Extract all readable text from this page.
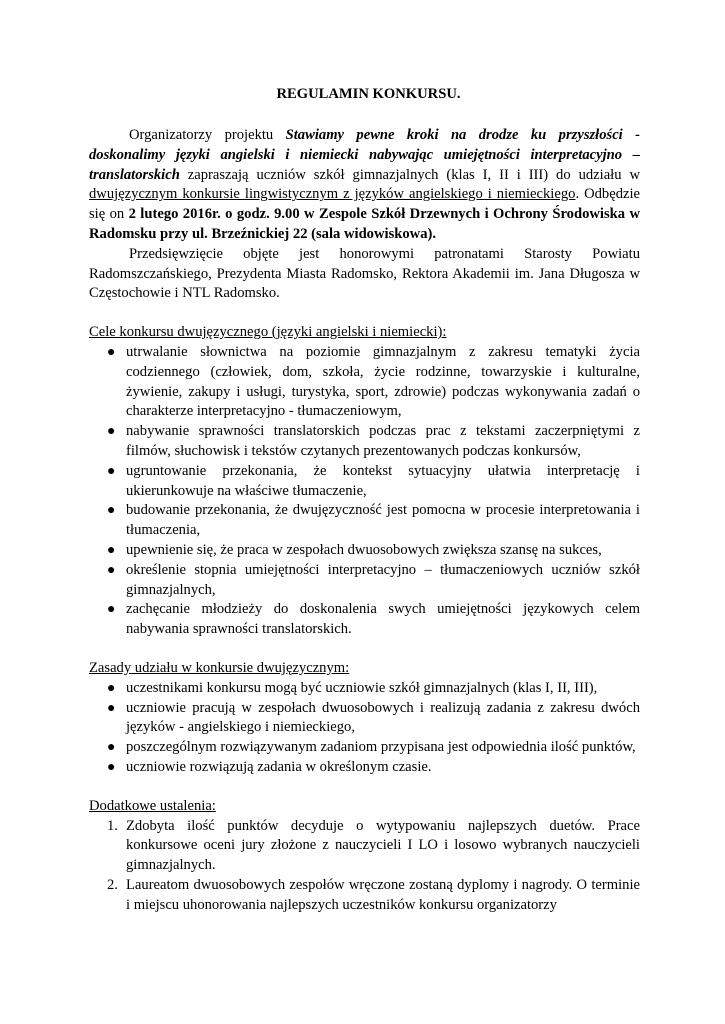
REGULAMIN KONKURSU.

Organizatorzy projektu Stawiamy pewne kroki na drodze ku przyszłości - doskonalimy języki angielski i niemiecki nabywając umiejętności interpretacyjno – translatorskich zapraszają uczniów szkół gimnazjalnych (klas I, II i III) do udziału w dwujęzycznym konkursie lingwistycznym z języków angielskiego i niemieckiego. Odbędzie się on 2 lutego 2016r. o godz. 9.00 w Zespole Szkół Drzewnych i Ochrony Środowiska w Radomsku przy ul. Brzeźnickiej 22 (sala widowiskowa).

Przedsięwzięcie objęte jest honorowymi patronatami Starosty Powiatu Radomszczańskiego, Prezydenta Miasta Radomsko, Rektora Akademii im. Jana Długosza w Częstochowie i NTL Radomsko.

Cele konkursu dwujęzycznego (języki angielski i niemiecki):

● utrwalanie słownictwa na poziomie gimnazjalnym z zakresu tematyki życia codziennego (człowiek, dom, szkoła, życie rodzinne, towarzyskie i kulturalne, żywienie, zakupy i usługi, turystyka, sport, zdrowie) podczas wykonywania zadań o charakterze interpretacyjno - tłumaczeniowym,
● nabywanie sprawności translatorskich podczas prac z tekstami zaczerpniętymi z filmów, słuchowisk i tekstów czytanych prezentowanych podczas konkursów,
● ugruntowanie przekonania, że kontekst sytuacyjny ułatwia interpretację i ukierunkowuje na właściwe tłumaczenie,
● budowanie przekonania, że dwujęzyczność jest pomocna w procesie interpretowania i tłumaczenia,
● upewnienie się, że praca w zespołach dwuosobowych zwiększa szansę na sukces,
● określenie stopnia umiejętności interpretacyjno – tłumaczeniowych uczniów szkół gimnazjalnych,
● zachęcanie młodzieży do doskonalenia swych umiejętności językowych celem nabywania sprawności translatorskich.

Zasady udziału w konkursie dwujęzycznym:

● uczestnikami konkursu mogą być uczniowie szkół gimnazjalnych (klas I, II, III),
● uczniowie pracują w zespołach dwuosobowych i realizują zadania z zakresu dwóch języków - angielskiego i niemieckiego,
● poszczególnym rozwiązywanym zadaniom przypisana jest odpowiednia ilość punktów,
● uczniowie rozwiązują zadania w określonym czasie.

Dodatkowe ustalenia:

1. Zdobyta ilość punktów decyduje o wytypowaniu najlepszych duetów. Prace konkursowe oceni jury złożone z nauczycieli I LO i losowo wybranych nauczycieli gimnazjalnych.
2. Laureatom dwuosobowych zespołów wręczone zostaną dyplomy i nagrody. O terminie i miejscu uhonorowania najlepszych uczestników konkursu organizatorzy
